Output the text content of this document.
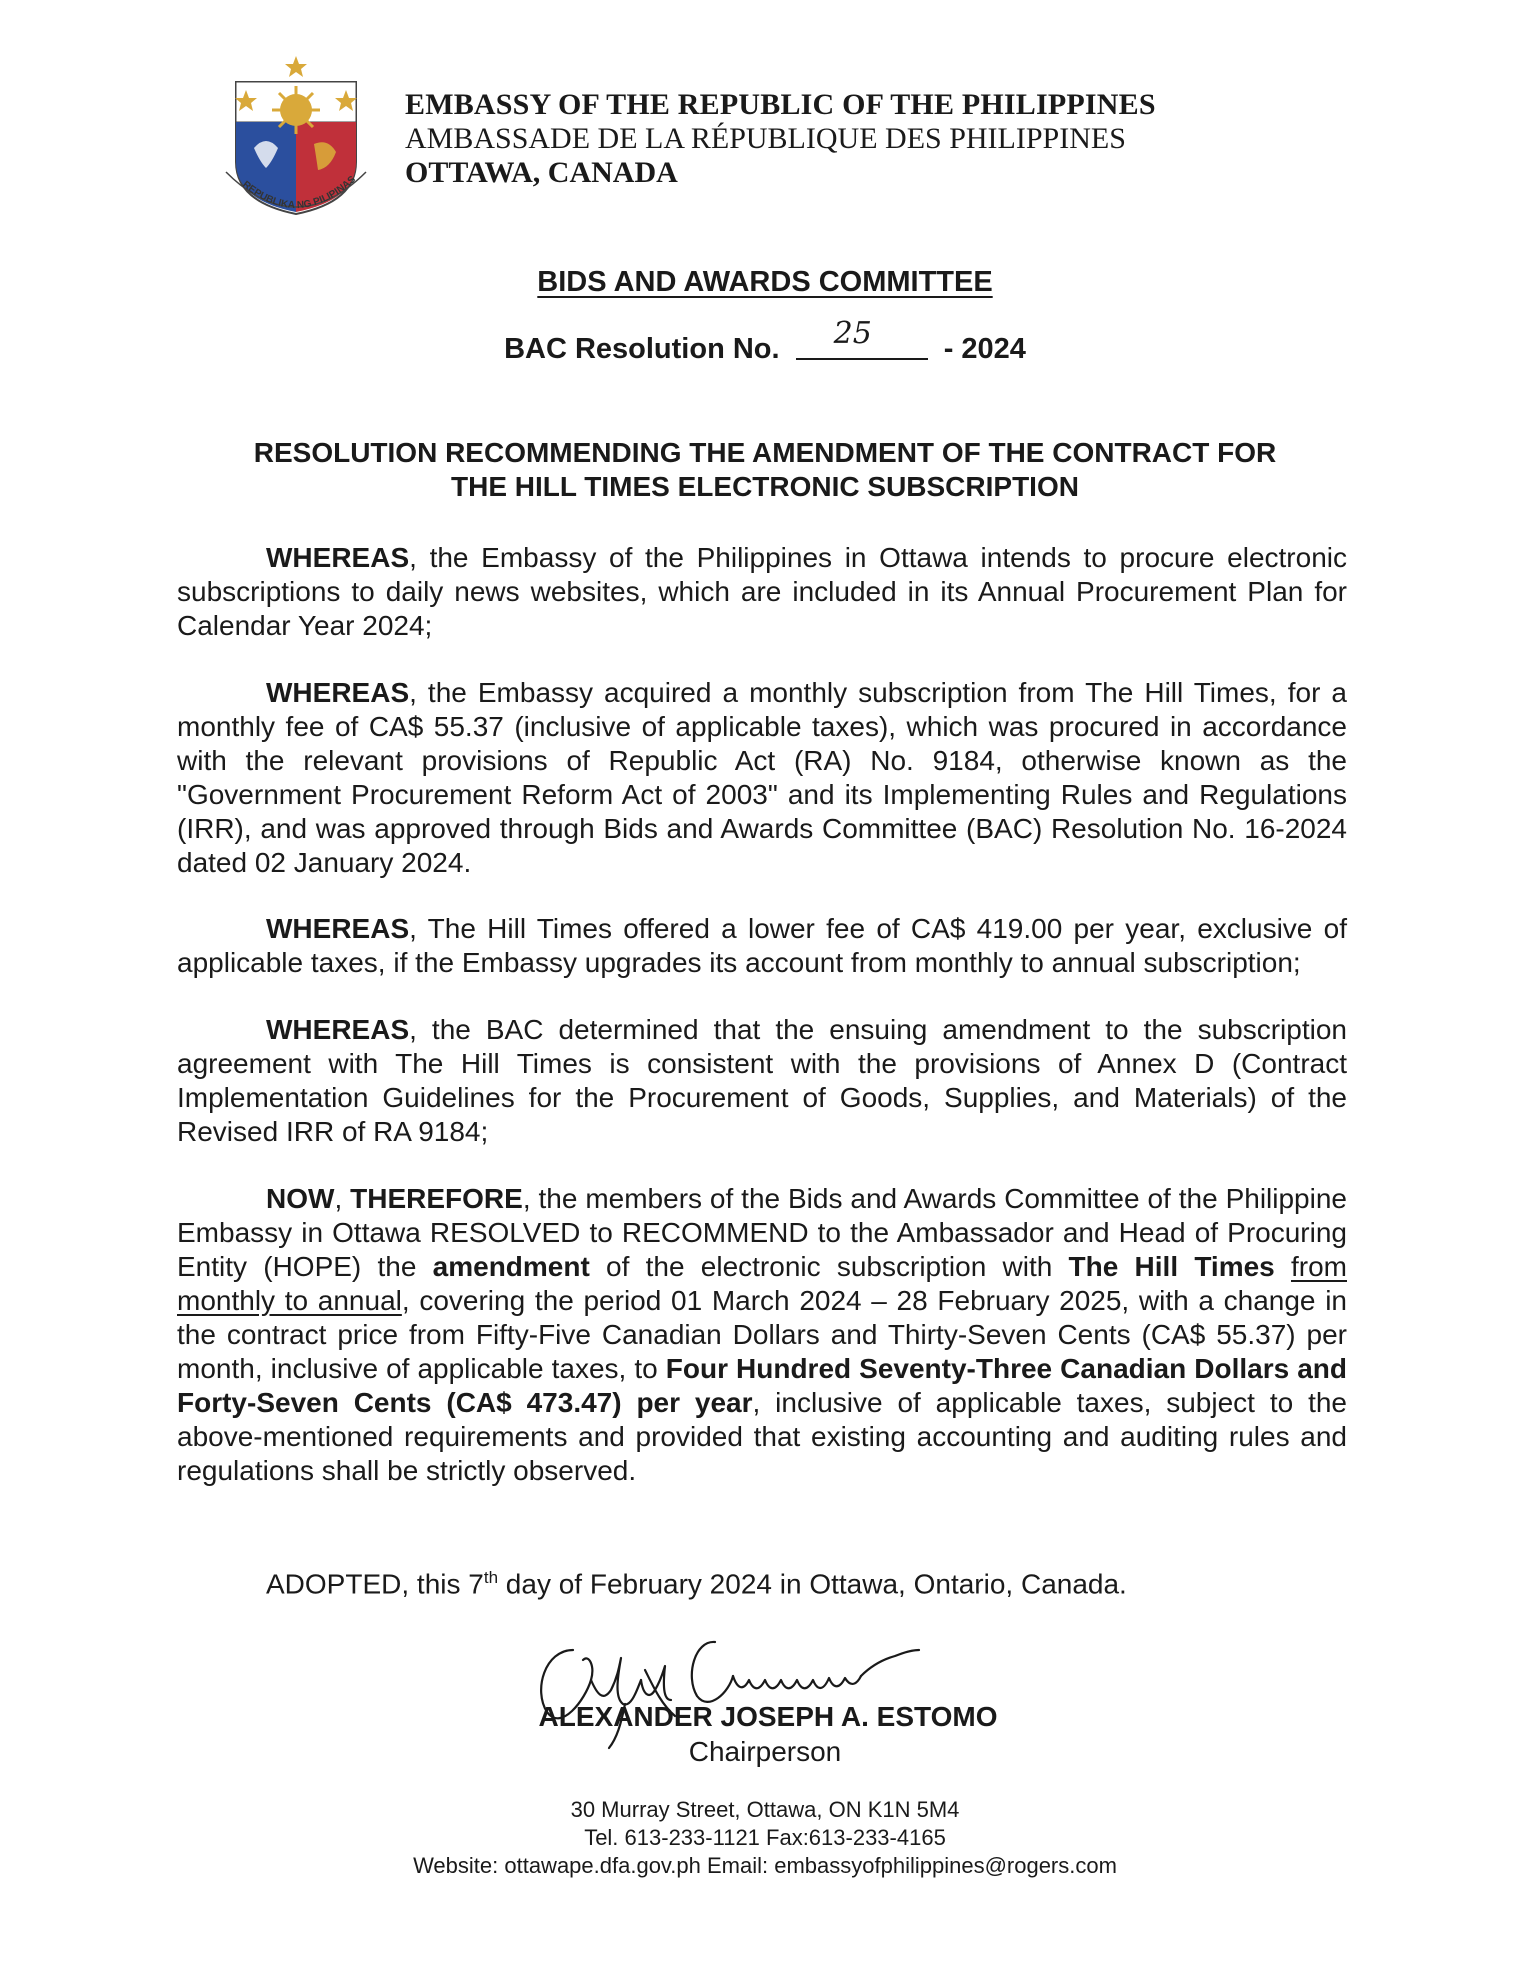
REPUBLIKA NG PILIPINAS
EMBASSY OF THE REPUBLIC OF THE PHILIPPINES
AMBASSADE DE LA RÉPUBLIQUE DES PHILIPPINES
OTTAWA, CANADA
BIDS AND AWARDS COMMITTEE
BAC Resolution No. 25 - 2024
RESOLUTION RECOMMENDING THE AMENDMENT OF THE CONTRACT FOR
THE HILL TIMES ELECTRONIC SUBSCRIPTION

WHEREAS, the Embassy of the Philippines in Ottawa intends to procure electronic subscriptions to daily news websites, which are included in its Annual Procurement Plan for Calendar Year 2024;

WHEREAS, the Embassy acquired a monthly subscription from The Hill Times, for a monthly fee of CA$ 55.37 (inclusive of applicable taxes), which was procured in accordance with the relevant provisions of Republic Act (RA) No. 9184, otherwise known as the "Government Procurement Reform Act of 2003" and its Implementing Rules and Regulations (IRR), and was approved through Bids and Awards Committee (BAC) Resolution No. 16-2024 dated 02 January 2024.

WHEREAS, The Hill Times offered a lower fee of CA$ 419.00 per year, exclusive of applicable taxes, if the Embassy upgrades its account from monthly to annual subscription;

WHEREAS, the BAC determined that the ensuing amendment to the subscription agreement with The Hill Times is consistent with the provisions of Annex D (Contract Implementation Guidelines for the Procurement of Goods, Supplies, and Materials) of the Revised IRR of RA 9184;

NOW, THEREFORE, the members of the Bids and Awards Committee of the Philippine Embassy in Ottawa RESOLVED to RECOMMEND to the Ambassador and Head of Procuring Entity (HOPE) the amendment of the electronic subscription with The Hill Times from monthly to annual, covering the period 01 March 2024 – 28 February 2025, with a change in the contract price from Fifty-Five Canadian Dollars and Thirty-Seven Cents (CA$ 55.37) per month, inclusive of applicable taxes, to Four Hundred Seventy-Three Canadian Dollars and Forty-Seven Cents (CA$ 473.47) per year, inclusive of applicable taxes, subject to the above-mentioned requirements and provided that existing accounting and auditing rules and regulations shall be strictly observed.

ADOPTED, this 7th day of February 2024 in Ottawa, Ontario, Canada.
ALEXANDER JOSEPH A. ESTOMO
Chairperson
30 Murray Street, Ottawa, ON K1N 5M4
Tel. 613-233-1121 Fax:613-233-4165
Website: ottawape.dfa.gov.ph Email: embassyofphilippines@rogers.com
